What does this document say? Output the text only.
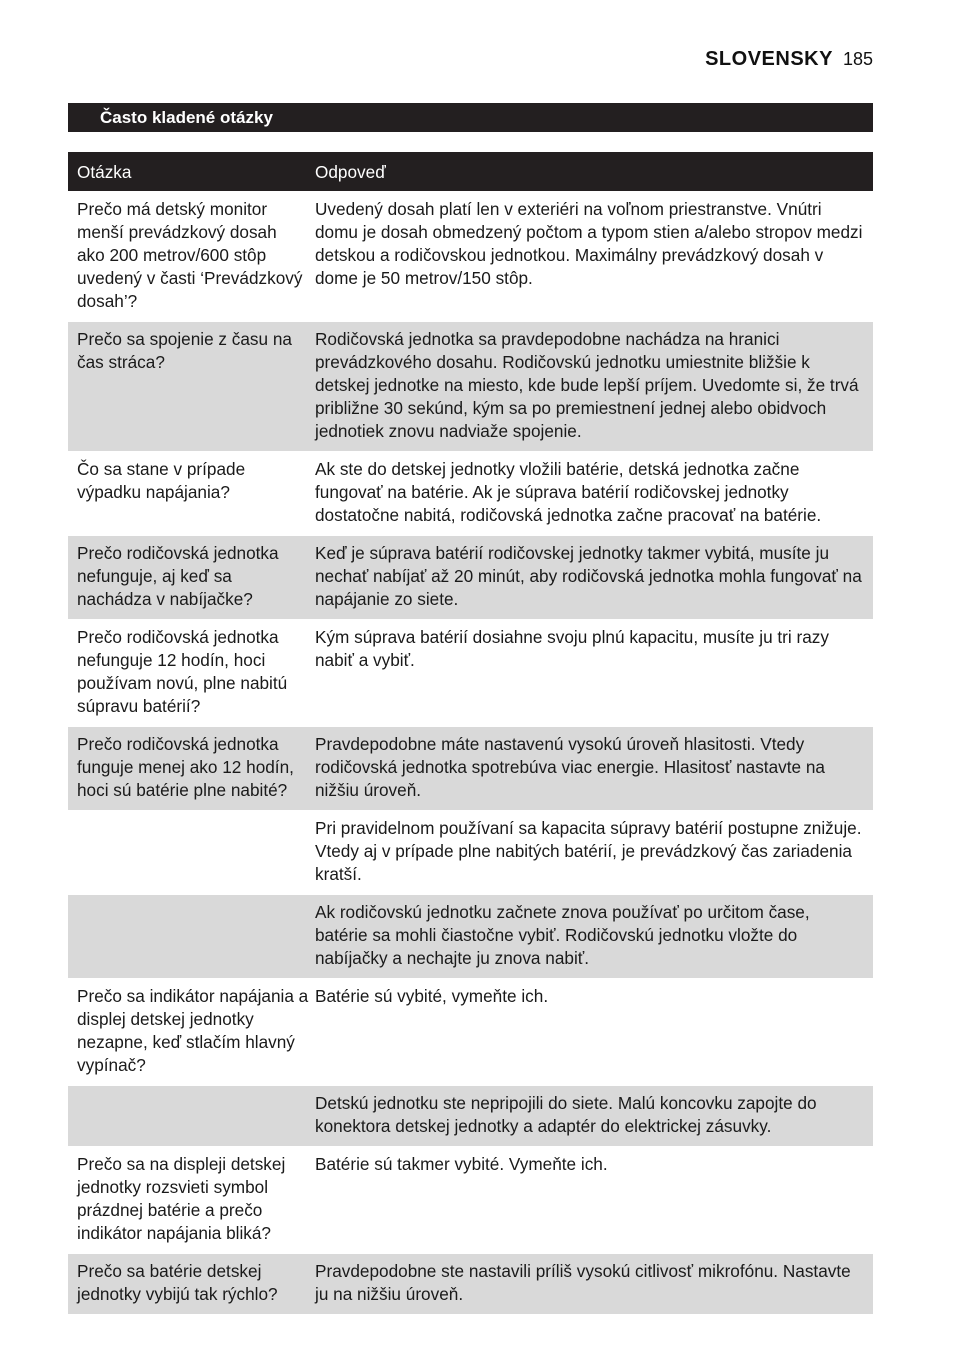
SLOVENSKY 185
Často kladené otázky
Otázka	Odpoveď
Prečo má detský monitor menší prevádzkový dosah ako 200 metrov/600 stôp uvedený v časti ‘Prevádzkový dosah’?
Uvedený dosah platí len v exteriéri na voľnom priestranstve. Vnútri domu je dosah obmedzený počtom a typom stien a/alebo stropov medzi detskou a rodičovskou jednotkou. Maximálny prevádzkový dosah v dome je 50 metrov/150 stôp.
Prečo sa spojenie z času na čas stráca?
Rodičovská jednotka sa pravdepodobne nachádza na hranici prevádzkového dosahu. Rodičovskú jednotku umiestnite bližšie k detskej jednotke na miesto, kde bude lepší príjem. Uvedomte si, že trvá približne 30 sekúnd, kým sa po premiestnení jednej alebo obidvoch jednotiek znovu nadviaže spojenie.
Čo sa stane v prípade výpadku napájania?
Ak ste do detskej jednotky vložili batérie, detská jednotka začne fungovať na batérie. Ak je súprava batérií rodičovskej jednotky dostatočne nabitá, rodičovská jednotka začne pracovať na batérie.
Prečo rodičovská jednotka nefunguje, aj keď sa nachádza v nabíjačke?
Keď je súprava batérií rodičovskej jednotky takmer vybitá, musíte ju nechať nabíjať až 20 minút, aby rodičovská jednotka mohla fungovať na napájanie zo siete.
Prečo rodičovská jednotka nefunguje 12 hodín, hoci používam novú, plne nabitú súpravu batérií?
Kým súprava batérií dosiahne svoju plnú kapacitu, musíte ju tri razy nabiť a vybiť.
Prečo rodičovská jednotka funguje menej ako 12 hodín, hoci sú batérie plne nabité?
Pravdepodobne máte nastavenú vysokú úroveň hlasitosti. Vtedy rodičovská jednotka spotrebúva viac energie. Hlasitosť nastavte na nižšiu úroveň.
Pri pravidelnom používaní sa kapacita súpravy batérií postupne znižuje. Vtedy aj v prípade plne nabitých batérií, je prevádzkový čas zariadenia kratší.
Ak rodičovskú jednotku začnete znova používať po určitom čase, batérie sa mohli čiastočne vybiť. Rodičovskú jednotku vložte do nabíjačky a nechajte ju znova nabiť.
Prečo sa indikátor napájania a displej detskej jednotky nezapne, keď stlačím hlavný vypínač?
Batérie sú vybité, vymeňte ich.
Detskú jednotku ste nepripojili do siete. Malú koncovku zapojte do konektora detskej jednotky a adaptér do elektrickej zásuvky.
Prečo sa na displeji detskej jednotky rozsvieti symbol prázdnej batérie a prečo indikátor napájania bliká?
Batérie sú takmer vybité. Vymeňte ich.
Prečo sa batérie detskej jednotky vybijú tak rýchlo?
Pravdepodobne ste nastavili príliš vysokú citlivosť mikrofónu. Nastavte ju na nižšiu úroveň.
